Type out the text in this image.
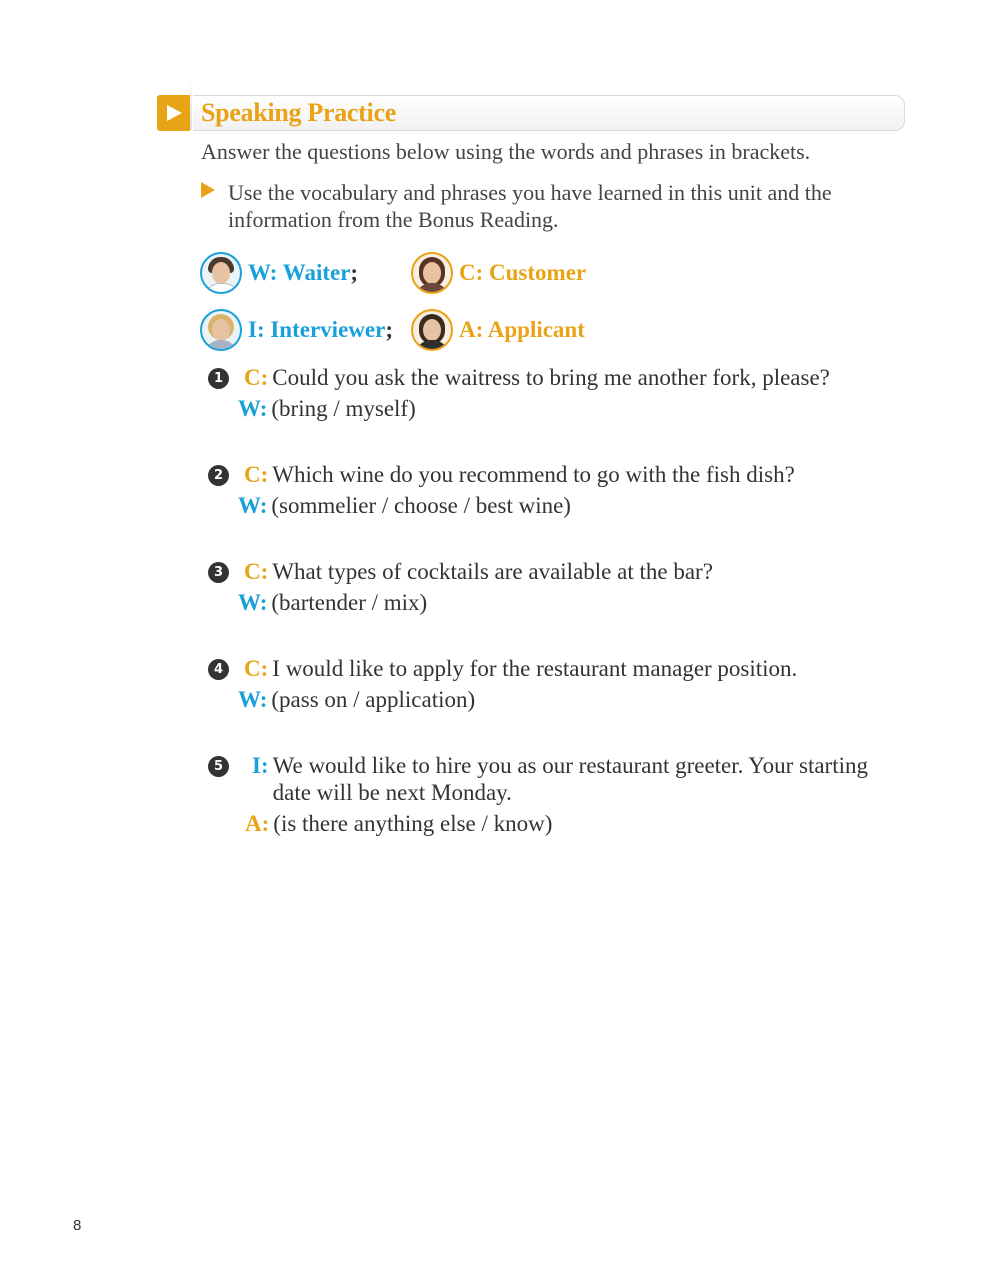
Speaking Practice
Answer the questions below using the words and phrases in brackets.
Use the vocabulary and phrases you have learned in this unit and the information from the Bonus Reading.
W: Waiter ;	C: Customer
I: Interviewer ;	A: Applicant
1 C: Could you ask the waitress to bring me another fork, please?
W: (bring / myself)
2 C: Which wine do you recommend to go with the fish dish?
W: (sommelier / choose / best wine)
3 C: What types of cocktails are available at the bar?
W: (bartender / mix)
4 C: I would like to apply for the restaurant manager position.
W: (pass on / application)
5 I: We would like to hire you as our restaurant greeter. Your starting date will be next Monday.
A: (is there anything else / know)
8
